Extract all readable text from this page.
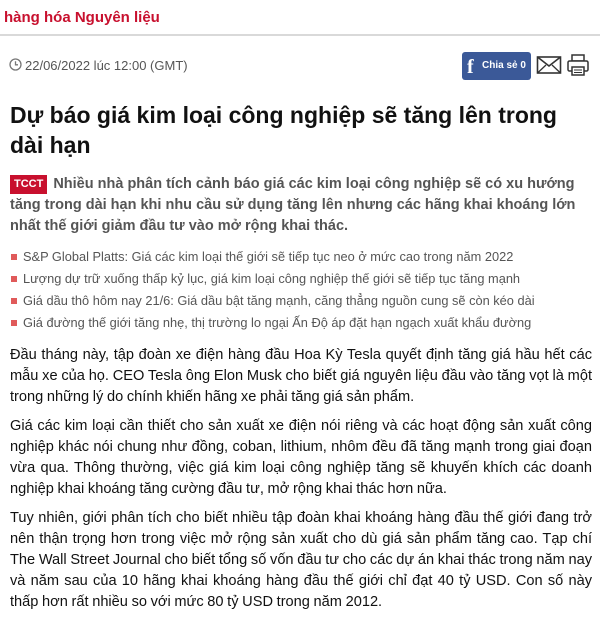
hàng hóa Nguyên liệu
22/06/2022 lúc 12:00 (GMT)	f Chia sẻ 0
Dự báo giá kim loại công nghiệp sẽ tăng lên trong dài hạn
TCCT Nhiều nhà phân tích cảnh báo giá các kim loại công nghiệp sẽ có xu hướng tăng trong dài hạn khi nhu cầu sử dụng tăng lên nhưng các hãng khai khoáng lớn nhất thế giới giảm đầu tư vào mở rộng khai thác.
S&P Global Platts: Giá các kim loại thế giới sẽ tiếp tục neo ở mức cao trong năm 2022
Lượng dự trữ xuống thấp kỷ lục, giá kim loại công nghiệp thế giới sẽ tiếp tục tăng mạnh
Giá dầu thô hôm nay 21/6: Giá dầu bật tăng mạnh, căng thẳng nguồn cung sẽ còn kéo dài
Giá đường thế giới tăng nhẹ, thị trường lo ngại Ấn Độ áp đặt hạn ngạch xuất khẩu đường

Đầu tháng này, tập đoàn xe điện hàng đầu Hoa Kỳ Tesla quyết định tăng giá hầu hết các mẫu xe của họ. CEO Tesla ông Elon Musk cho biết giá nguyên liệu đầu vào tăng vọt là một trong những lý do chính khiến hãng xe phải tăng giá sản phẩm.

Giá các kim loại cần thiết cho sản xuất xe điện nói riêng và các hoạt động sản xuất công nghiệp khác nói chung như đồng, coban, lithium, nhôm đều đã tăng mạnh trong giai đoạn vừa qua. Thông thường, việc giá kim loại công nghiệp tăng sẽ khuyến khích các doanh nghiệp khai khoáng tăng cường đầu tư, mở rộng khai thác hơn nữa.

Tuy nhiên, giới phân tích cho biết nhiều tập đoàn khai khoáng hàng đầu thế giới đang trở nên thận trọng hơn trong việc mở rộng sản xuất cho dù giá sản phẩm tăng cao. Tạp chí The Wall Street Journal cho biết tổng số vốn đầu tư cho các dự án khai thác trong năm nay và năm sau của 10 hãng khai khoáng hàng đầu thế giới chỉ đạt 40 tỷ USD. Con số này thấp hơn rất nhiều so với mức 80 tỷ USD trong năm 2012.
